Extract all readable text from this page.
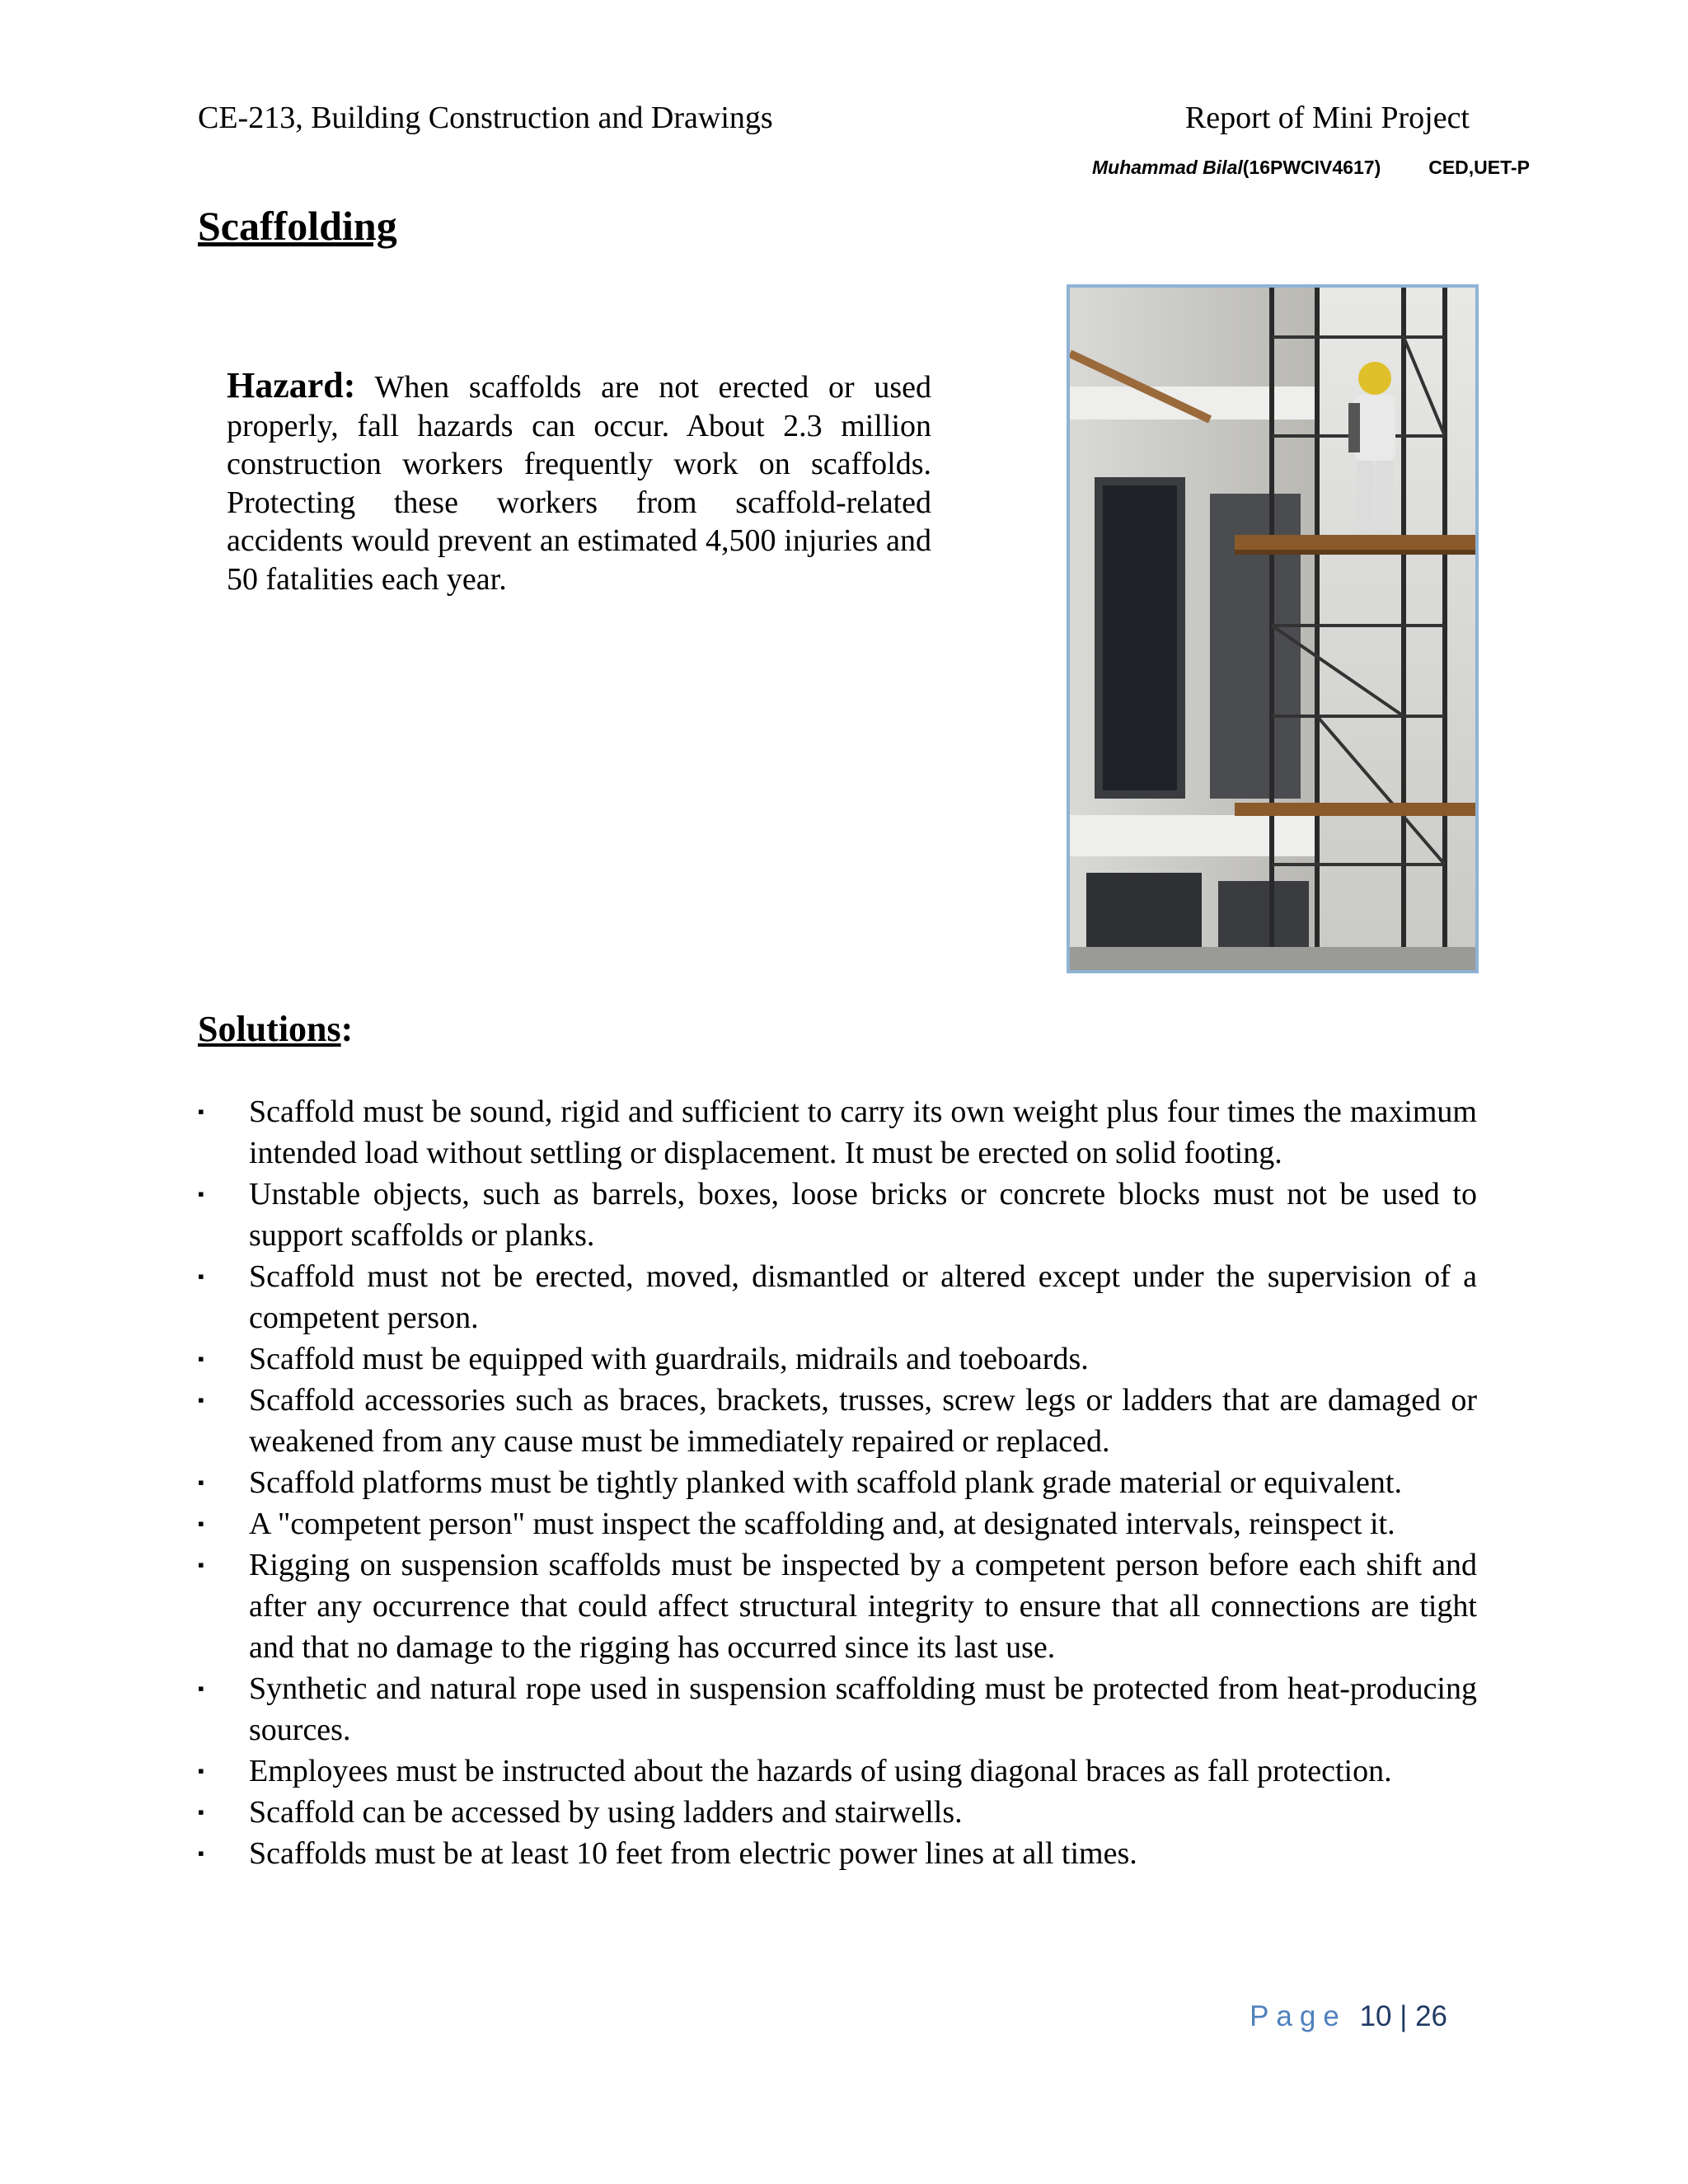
CE-213, Building Construction and Drawings	Report of Mini Project
Muhammad Bilal(16PWCIV4617)	CED,UET-P
Scaffolding
Hazard: When scaffolds are not erected or used properly, fall hazards can occur. About 2.3 million construction workers frequently work on scaffolds. Protecting these workers from scaffold-related accidents would prevent an estimated 4,500 injuries and 50 fatalities each year.
Solutions:
▪ Scaffold must be sound, rigid and sufficient to carry its own weight plus four times the maximum intended load without settling or displacement. It must be erected on solid footing.
▪ Unstable objects, such as barrels, boxes, loose bricks or concrete blocks must not be used to support scaffolds or planks.
▪ Scaffold must not be erected, moved, dismantled or altered except under the supervision of a competent person.
▪ Scaffold must be equipped with guardrails, midrails and toeboards.
▪ Scaffold accessories such as braces, brackets, trusses, screw legs or ladders that are damaged or weakened from any cause must be immediately repaired or replaced.
▪ Scaffold platforms must be tightly planked with scaffold plank grade material or equivalent.
▪ A "competent person" must inspect the scaffolding and, at designated intervals, reinspect it.
▪ Rigging on suspension scaffolds must be inspected by a competent person before each shift and after any occurrence that could affect structural integrity to ensure that all connections are tight and that no damage to the rigging has occurred since its last use.
▪ Synthetic and natural rope used in suspension scaffolding must be protected from heat-producing sources.
▪ Employees must be instructed about the hazards of using diagonal braces as fall protection.
▪ Scaffold can be accessed by using ladders and stairwells.
▪ Scaffolds must be at least 10 feet from electric power lines at all times.
Page 10 | 26
